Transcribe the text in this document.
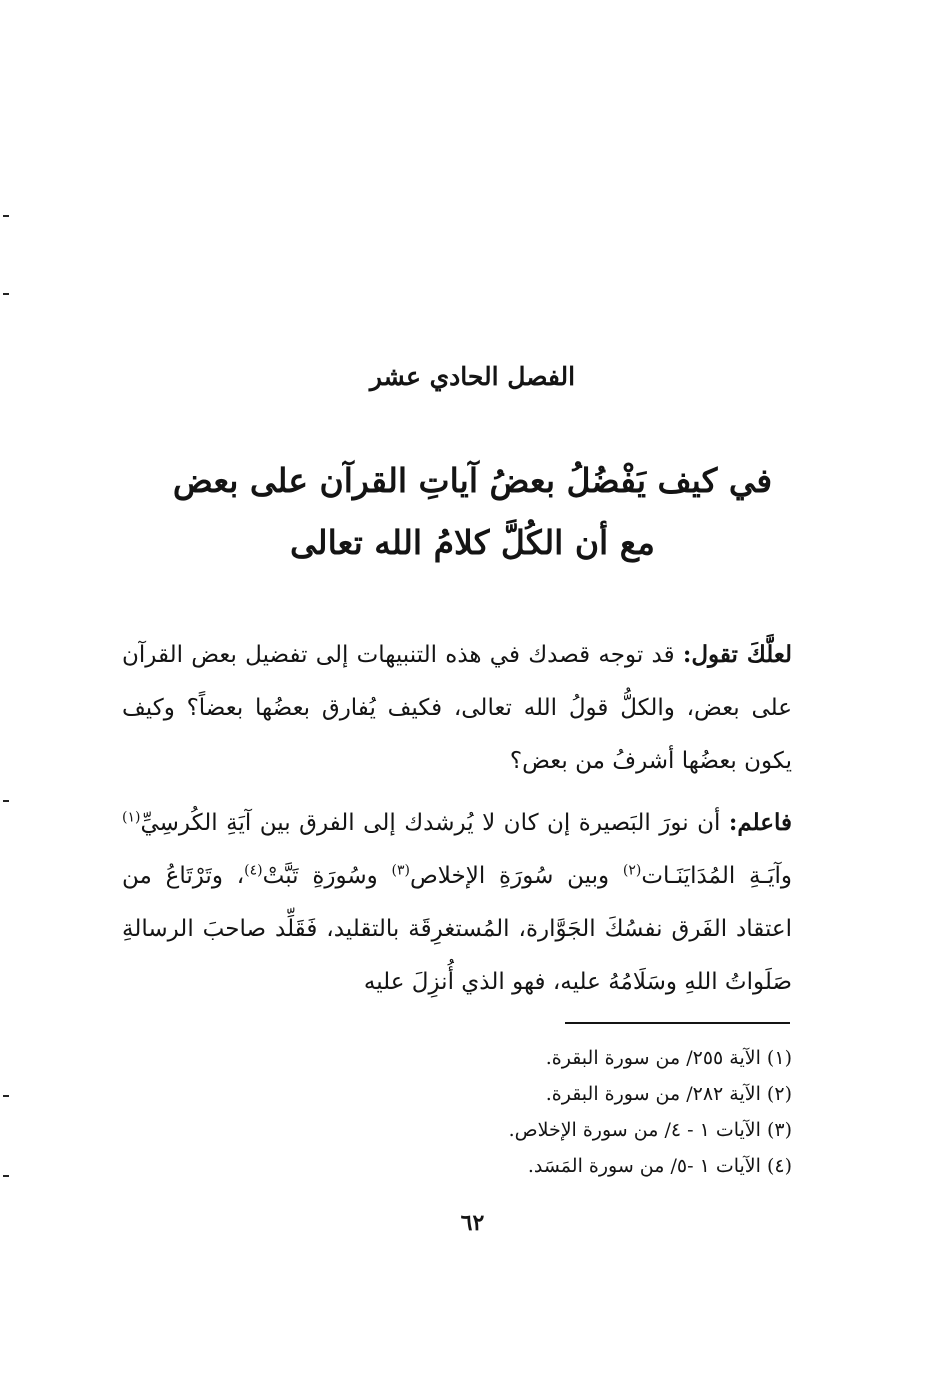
الفصل الحادي عشر
في كيف يَفْضُلُ بعضُ آياتِ القرآن على بعض
مع أن الكُلَّ كلامُ الله تعالى

لعلَّكَ تقول: قد توجه قصدك في هذه التنبيهات إلى تفضيل بعض القرآن على بعض، والكلُّ قولُ الله تعالى، فكيف يُفارق بعضُها بعضاً؟ وكيف يكون بعضُها أشرفُ من بعض؟

فاعلم: أن نورَ البَصيرة إن كان لا يُرشدك إلى الفرق بين آيَةِ الكُرسِيِّ$^{(١)}$ وآيَـةِ المُدَايَنَـات$^{(٢)}$ وبين سُورَةِ الإخلاص$^{(٣)}$ وسُورَةِ تَبَّتْ$^{(٤)}$، وتَرْتَاعُ من اعتقاد الفَرق نفسُكَ الجَوَّارة، المُستغرِقَة بالتقليد، فَقَلِّد صاحبَ الرسالةِ صَلَواتُ اللهِ وسَلَامُهُ عليه، فهو الذي أُنزِلَ عليه

(١) الآية ٢٥٥/ من سورة البقرة.
(٢) الآية ٢٨٢/ من سورة البقرة.
(٣) الآيات ١ - ٤/ من سورة الإخلاص.
(٤) الآيات ١ -٥/ من سورة المَسَد.
٦٢
